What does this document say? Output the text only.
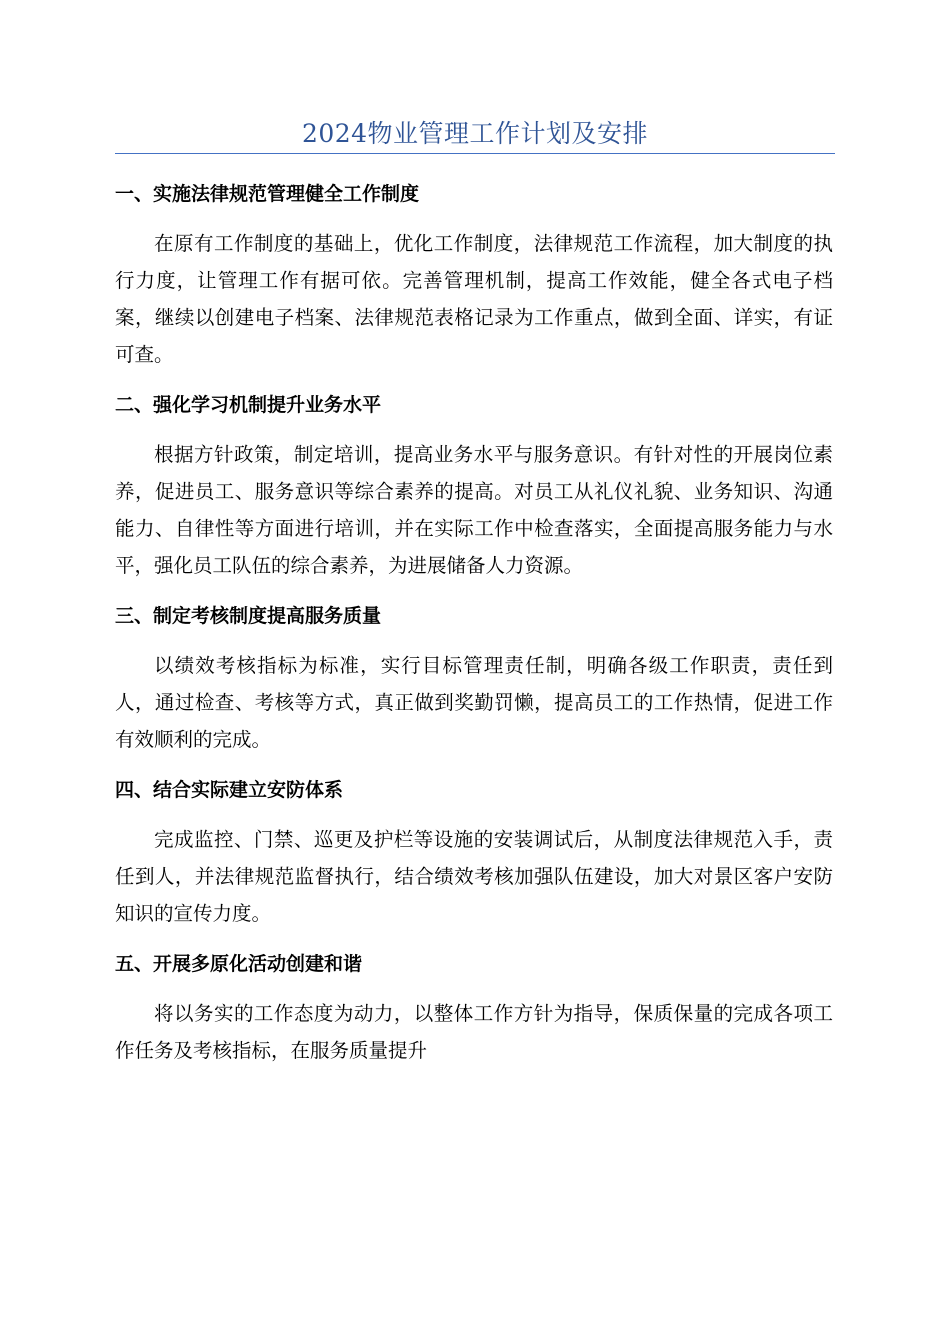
2024物业管理工作计划及安排
一、实施法律规范管理健全工作制度

在原有工作制度的基础上，优化工作制度，法律规范工作流程，加大制度的执行力度，让管理工作有据可依。完善管理机制，提高工作效能，健全各式电子档案，继续以创建电子档案、法律规范表格记录为工作重点，做到全面、详实，有证可查。

二、强化学习机制提升业务水平

根据方针政策，制定培训，提高业务水平与服务意识。有针对性的开展岗位素养，促进员工、服务意识等综合素养的提高。对员工从礼仪礼貌、业务知识、沟通能力、自律性等方面进行培训，并在实际工作中检查落实，全面提高服务能力与水平，强化员工队伍的综合素养，为进展储备人力资源。

三、制定考核制度提高服务质量

以绩效考核指标为标准，实行目标管理责任制，明确各级工作职责，责任到人，通过检查、考核等方式，真正做到奖勤罚懒，提高员工的工作热情，促进工作有效顺利的完成。

四、结合实际建立安防体系

完成监控、门禁、巡更及护栏等设施的安装调试后，从制度法律规范入手，责任到人，并法律规范监督执行，结合绩效考核加强队伍建设，加大对景区客户安防知识的宣传力度。

五、开展多原化活动创建和谐

将以务实的工作态度为动力，以整体工作方针为指导，保质保量的完成各项工作任务及考核指标，在服务质量提升
